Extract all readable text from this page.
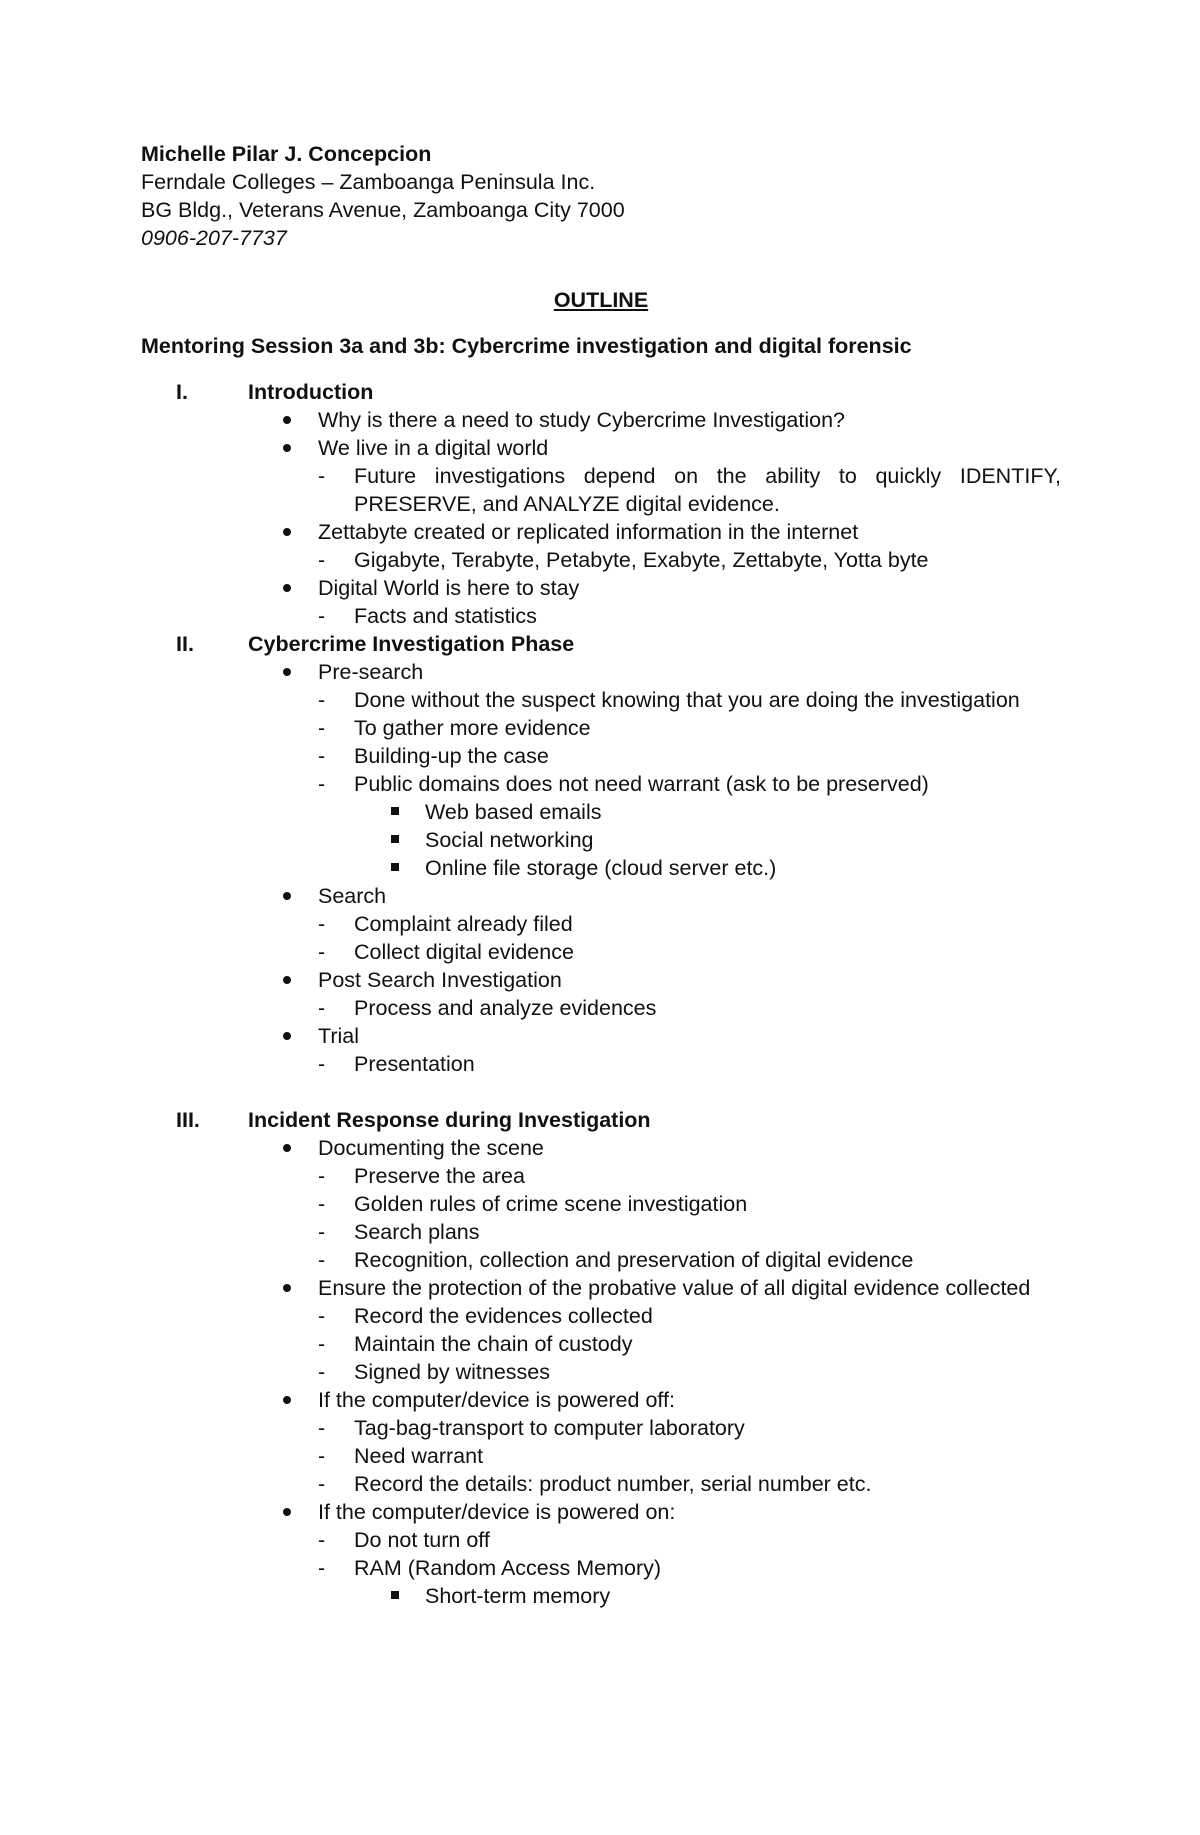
Michelle Pilar J. Concepcion
Ferndale Colleges – Zamboanga Peninsula Inc.
BG Bldg., Veterans Avenue, Zamboanga City 7000
0906-207-7737
OUTLINE
Mentoring Session 3a and 3b: Cybercrime investigation and digital forensic
I.	Introduction
Why is there a need to study Cybercrime Investigation?
We live in a digital world
- Future investigations depend on the ability to quickly IDENTIFY, PRESERVE, and ANALYZE digital evidence.
Zettabyte created or replicated information in the internet
- Gigabyte, Terabyte, Petabyte, Exabyte, Zettabyte, Yotta byte
Digital World is here to stay
- Facts and statistics
II.	Cybercrime Investigation Phase
Pre-search
- Done without the suspect knowing that you are doing the investigation
- To gather more evidence
- Building-up the case
- Public domains does not need warrant (ask to be preserved)
Web based emails
Social networking
Online file storage (cloud server etc.)
Search
- Complaint already filed
- Collect digital evidence
Post Search Investigation
- Process and analyze evidences
Trial
- Presentation
III. Incident Response during Investigation
Documenting the scene
- Preserve the area
- Golden rules of crime scene investigation
- Search plans
- Recognition, collection and preservation of digital evidence
Ensure the protection of the probative value of all digital evidence collected
- Record the evidences collected
- Maintain the chain of custody
- Signed by witnesses
If the computer/device is powered off:
- Tag-bag-transport to computer laboratory
- Need warrant
- Record the details: product number, serial number etc.
If the computer/device is powered on:
- Do not turn off
- RAM (Random Access Memory)
Short-term memory
